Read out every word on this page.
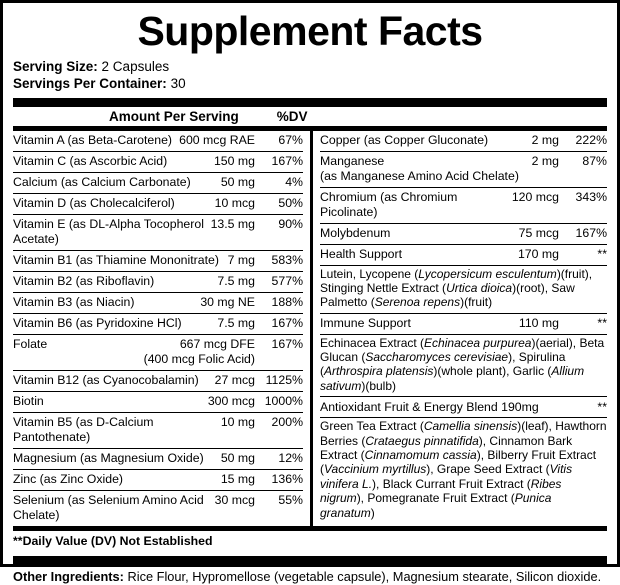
Supplement Facts
Serving Size: 2 Capsules
Servings Per Container: 30
Amount Per Serving	%DV
Vitamin A (as Beta-Carotene) 600 mcg RAE	67%
Vitamin C (as Ascorbic Acid)	150 mg	167%
Calcium (as Calcium Carbonate)	50 mg	4%
Vitamin D (as Cholecalciferol)	10 mcg	50%
Vitamin E (as DL-Alpha Tocopherol Acetate)
13.5 mg	90%
Vitamin B1 (as Thiamine Mononitrate) 7 mg	583%
Vitamin B2 (as Riboflavin)	7.5 mg	577%
Vitamin B3 (as Niacin)	30 mg NE	188%
Vitamin B6 (as Pyridoxine HCl)	7.5 mg	167%
Folate	667 mcg DFE
(400 mcg Folic Acid)
167%
Vitamin B12 (as Cyanocobalamin)	27 mcg 1125%
Biotin	300 mcg 1000%
Vitamin B5 (as D-Calcium Pantothenate)
10 mg	200%
Magnesium (as Magnesium Oxide)	50 mg	12%
Zinc (as Zinc Oxide)	15 mg	136%
Selenium (as Selenium Amino Acid Chelate)
30 mcg	55%
Copper (as Copper Gluconate)	2 mg	222%
Manganese
(as Manganese Amino Acid Chelate)
2 mg	87%
Chromium (as Chromium Picolinate)
120 mcg	343%
Molybdenum	75 mcg	167%
Health Support	170 mg	**
Lutein, Lycopene (Lycopersicum esculentum)(fruit), Stinging Nettle Extract (Urtica dioica)(root), Saw Palmetto (Serenoa repens)(fruit)
Immune Support	110 mg	**
Echinacea Extract (Echinacea purpurea)(aerial), Beta Glucan (Saccharomyces cerevisiae), Spirulina (Arthrospira platensis)(whole plant), Garlic (Allium sativum)(bulb)
Antioxidant Fruit & Energy Blend 190mg	**
Green Tea Extract (Camellia sinensis)(leaf), Hawthorn Berries (Crataegus pinnatifida), Cinnamon Bark Extract (Cinnamomum cassia), Bilberry Fruit Extract (Vaccinium myrtillus), Grape Seed Extract (Vitis vinifera L.), Black Currant Fruit Extract (Ribes nigrum), Pomegranate Fruit Extract (Punica granatum)
**Daily Value (DV) Not Established
Other Ingredients: Rice Flour, Hypromellose (vegetable capsule), Magnesium stearate, Silicon dioxide.
